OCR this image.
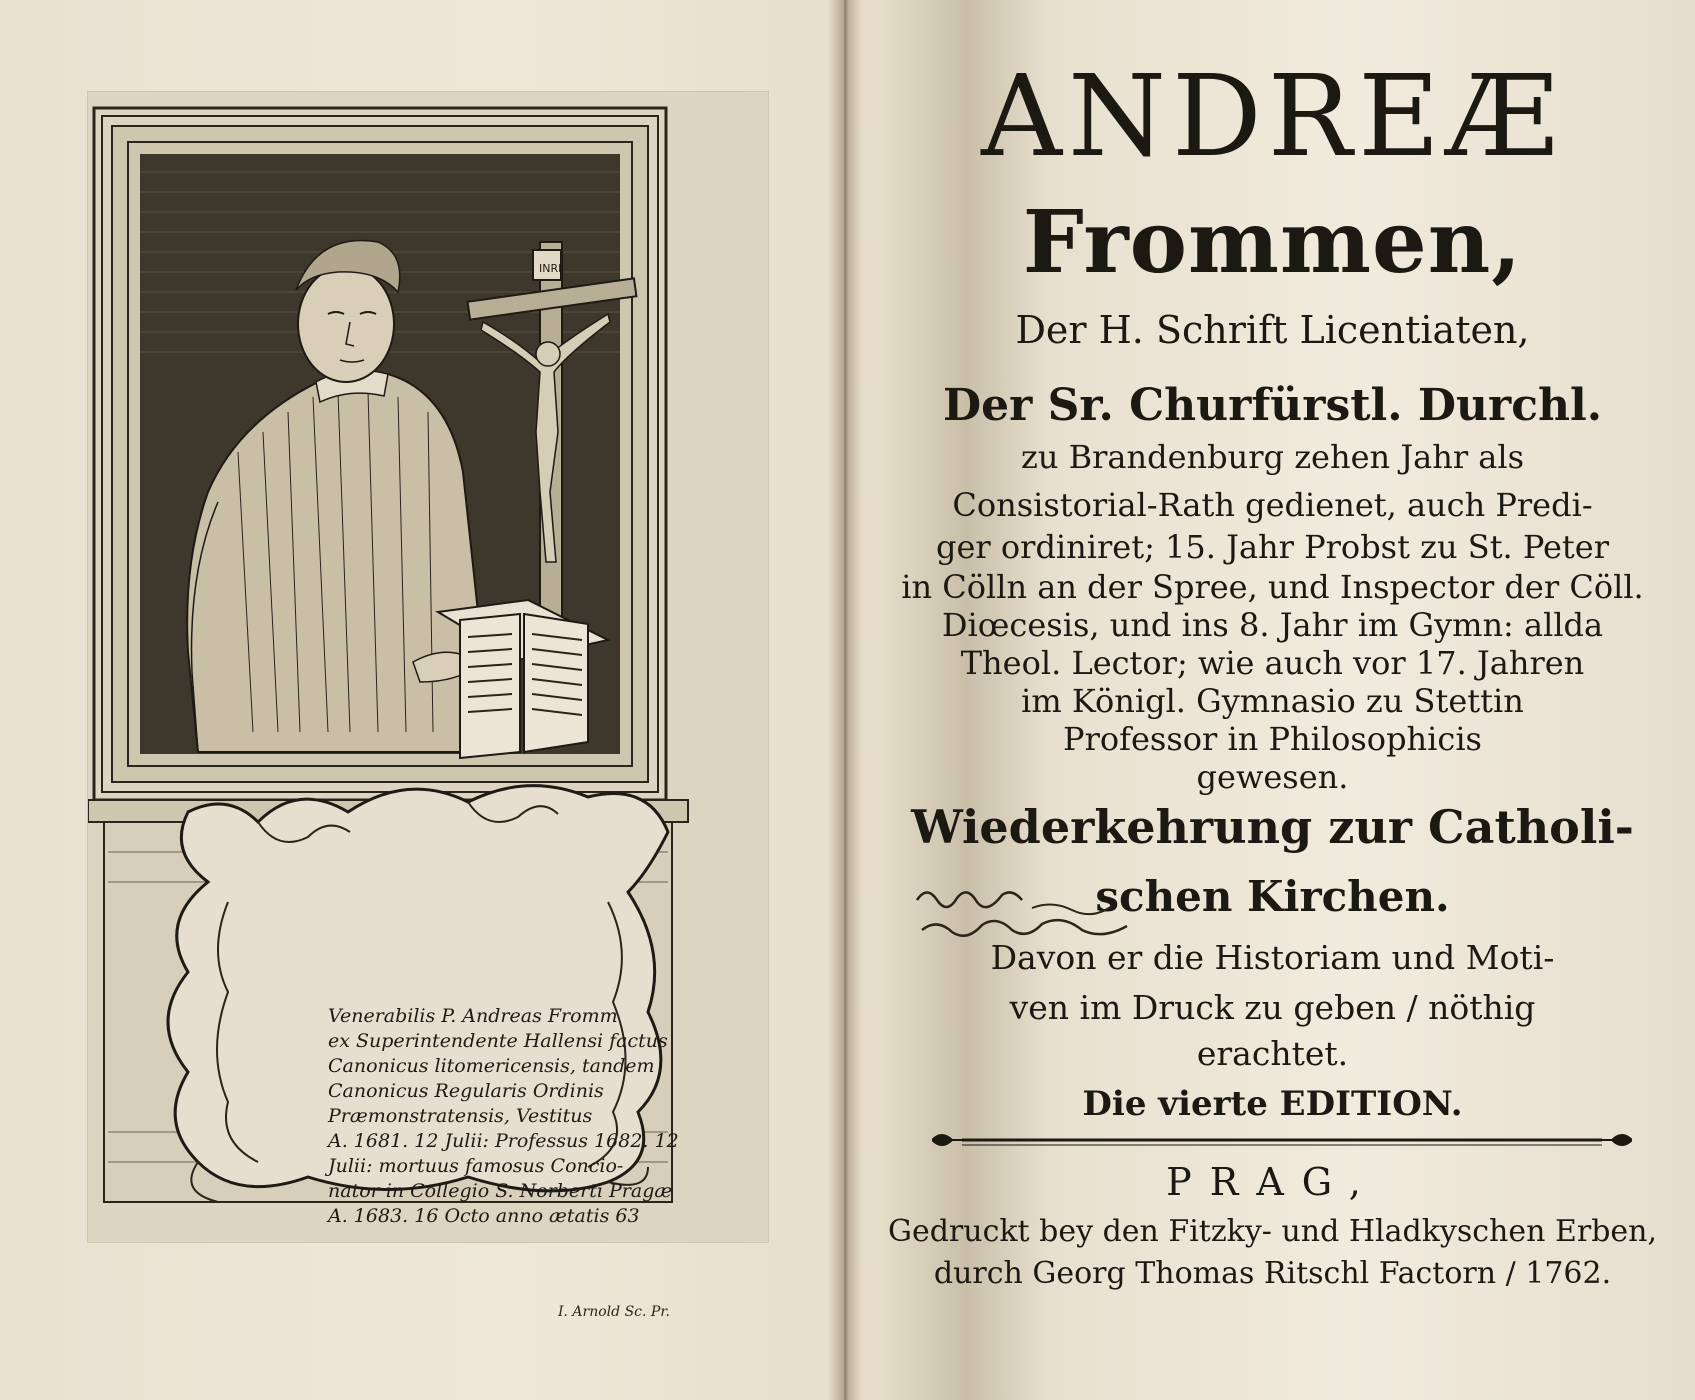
INRI

Venerabilis P. Andreas Fromm
ex Superintendente Hallensi factus
Canonicus litomericensis, tandem
Canonicus Regularis Ordinis
Præmonstratensis, Vestitus
A. 1681. 12 Julii: Professus 1682. 12
Julii: mortuus famosus Concio-
nator in Collegio S. Norberti Pragæ
A. 1683. 16 Octo anno ætatis 63

I. Arnold Sc. Pr.
ANDREÆ
Frommen,

Der H. Schrift Licentiaten,

Der Sr. Churfürstl. Durchl.

zu Brandenburg zehen Jahr als

Consistorial-Rath gedienet, auch Predi-

ger ordiniret; 15. Jahr Probst zu St. Peter

in Cölln an der Spree, und Inspector der Cöll.

Diœcesis, und ins 8. Jahr im Gymn: allda

Theol. Lector; wie auch vor 17. Jahren

im Königl. Gymnasio zu Stettin

Professor in Philosophicis

gewesen.

Wiederkehrung zur Catholi-

schen Kirchen.

Davon er die Historiam und Moti-

ven im Druck zu geben / nöthig

erachtet.

Die vierte EDITION.

PRAG,

Gedruckt bey den Fitzky- und Hladkyschen Erben,

durch Georg Thomas Ritschl Factorn / 1762.
